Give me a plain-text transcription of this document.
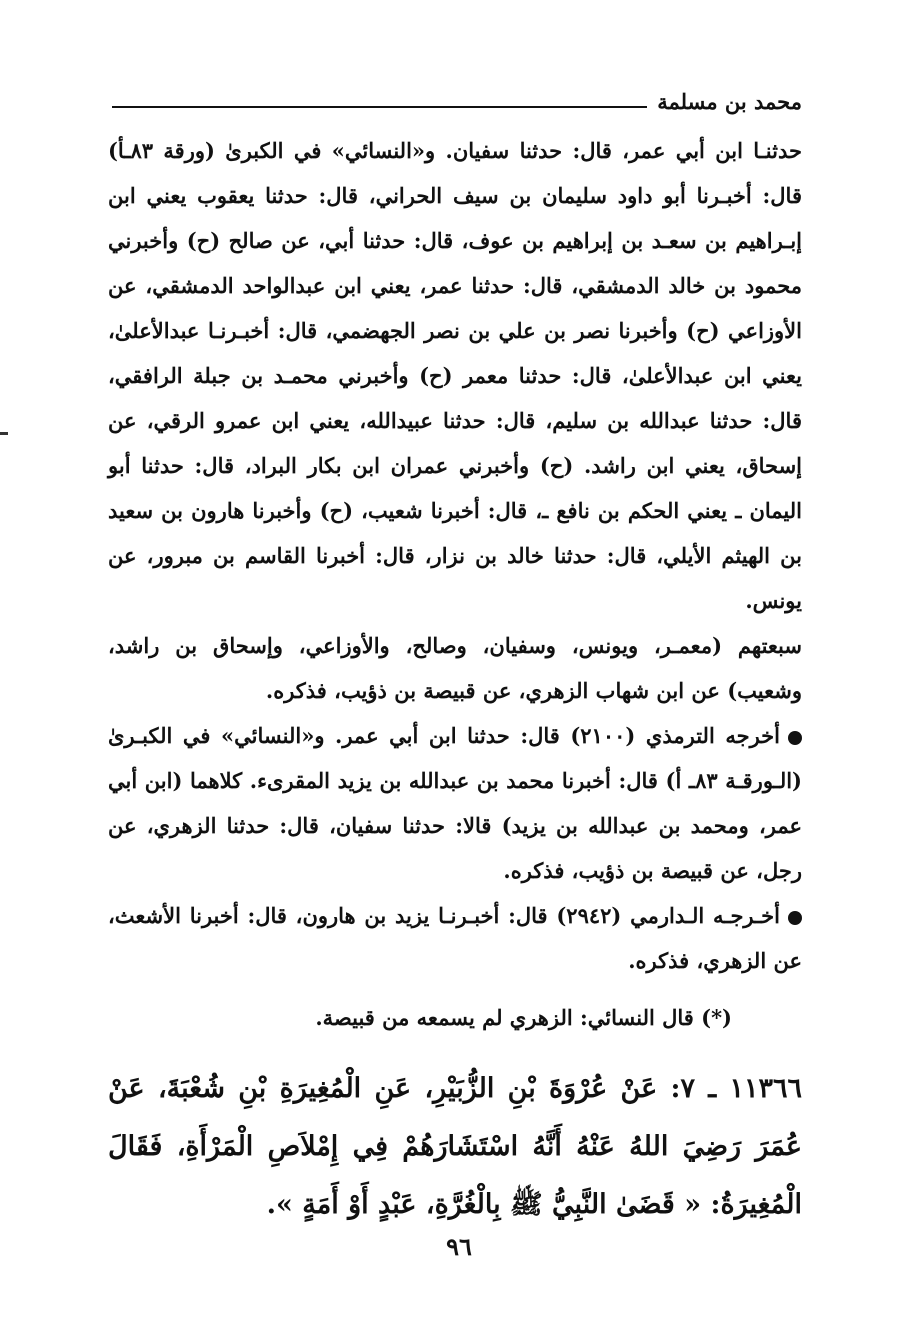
محمد بن مسلمة

حدثنـا ابن أبي عمر، قال: حدثنا سفيان. و«النسائي» في الكبرىٰ (ورقة ٨٣ـأ) قال: أخبـرنا أبو داود سليمان بن سيف الحراني، قال: حدثنا يعقوب يعني ابن إبـراهيم بن سعـد بن إبراهيم بن عوف، قال: حدثنا أبي، عن صالح (ح) وأخبرني محمود بن خالد الدمشقي، قال: حدثنا عمر، يعني ابن عبدالواحد الدمشقي، عن الأوزاعي (ح) وأخبرنا نصر بن علي بن نصر الجهضمي، قال: أخبـرنـا عبدالأعلىٰ، يعني ابن عبدالأعلىٰ، قال: حدثنا معمر (ح) وأخبرني محمـد بن جبلة الرافقي، قال: حدثنا عبدالله بن سليم، قال: حدثنا عبيدالله، يعني ابن عمرو الرقي، عن إسحاق، يعني ابن راشد. (ح) وأخبرني عمران ابن بكار البراد، قال: حدثنا أبو اليمان ـ يعني الحكم بن نافع ـ، قال: أخبرنا شعيب، (ح) وأخبرنا هارون بن سعيد بن الهيثم الأيلي، قال: حدثنا خالد بن نزار، قال: أخبرنا القاسم بن مبرور، عن يونس.

سبعتهم (معمـر، ويونس، وسفيان، وصالح، والأوزاعي، وإسحاق بن راشد، وشعيب) عن ابن شهاب الزهري، عن قبيصة بن ذؤيب، فذكره.

أخرجه الترمذي (٢١٠٠) قال: حدثنا ابن أبي عمر. و«النسائي» في الكبـرىٰ (الـورقـة ٨٣ـ أ) قال: أخبرنا محمد بن عبدالله بن يزيد المقرىء. كلاهما (ابن أبي عمر، ومحمد بن عبدالله بن يزيد) قالا: حدثنا سفيان، قال: حدثنا الزهري، عن رجل، عن قبيصة بن ذؤيب، فذكره.

أخـرجـه الـدارمي (٢٩٤٢) قال: أخبـرنـا يزيد بن هارون، قال: أخبرنا الأشعث، عن الزهري، فذكره.

(*) قال النسائي: الزهري لم يسمعه من قبيصة.

١١٣٦٦ ـ ٧: عَنْ عُرْوَةَ بْنِ الزُّبَيْرِ، عَنِ الْمُغِيرَةِ بْنِ شُعْبَةَ، عَنْ عُمَرَ رَضِيَ اللهُ عَنْهُ أَنَّهُ اسْتَشَارَهُمْ فِي إِمْلاَصِ الْمَرْأَةِ، فَقَالَ الْمُغِيرَةُ: « قَضَىٰ النَّبِيُّ ﷺ بِالْغُرَّةِ، عَبْدٍ أَوْ أَمَةٍ ».

٩٦
